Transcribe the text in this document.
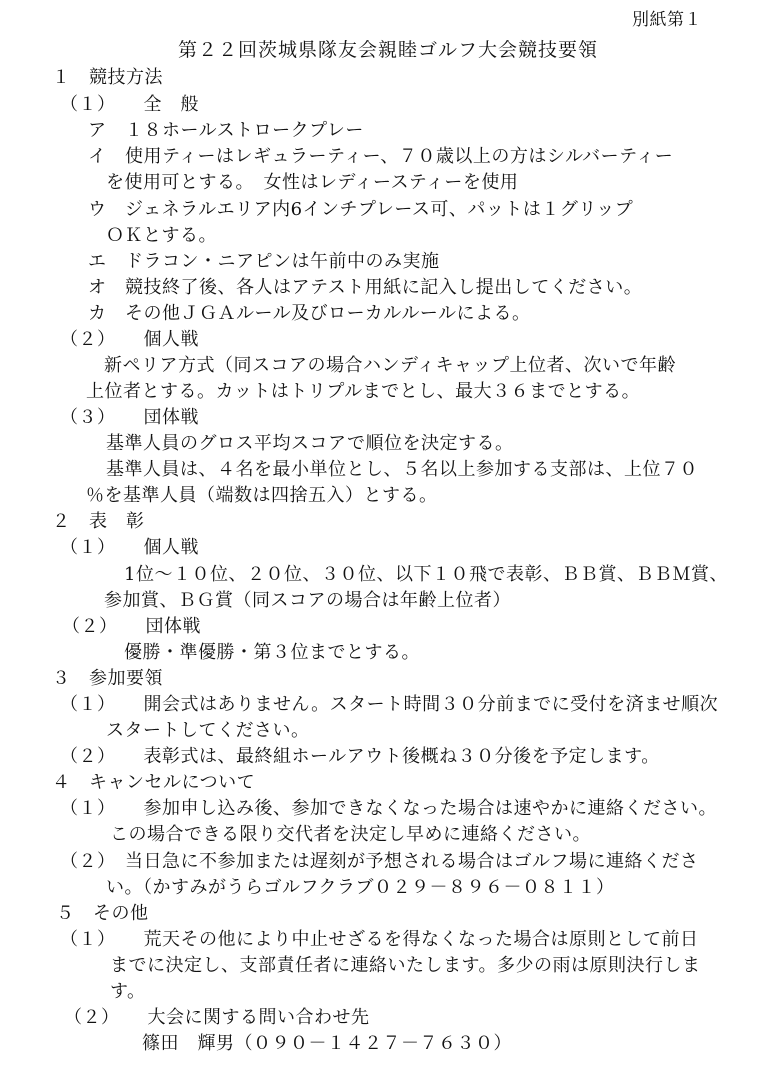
別紙第１
第２２回茨城県隊友会親睦ゴルフ大会競技要領
１　競技方法
（１）　　全　般
ア　１８ホールストロークプレー
イ　使用ティーはレギュラーティー、７０歳以上の方はシルバーティー
を使用可とする。　女性はレディースティーを使用
ウ　ジェネラルエリア内6インチプレース可、パットは１グリップ
ＯＫとする。
エ　ドラコン・ニアピンは午前中のみ実施
オ　競技終了後、各人はアテスト用紙に記入し提出してください。
カ　その他ＪＧＡルール及びローカルルールによる。
（２）　　個人戦
新ペリア方式（同スコアの場合ハンディキャップ上位者、次いで年齢
上位者とする。カットはトリプルまでとし、最大３６までとする。
（３）　　団体戦
基準人員のグロス平均スコアで順位を決定する。
基準人員は、４名を最小単位とし、５名以上参加する支部は、上位７０
％を基準人員（端数は四捨五入）とする。
２　表　彰
（１）　　個人戦
1位～１０位、２０位、３０位、以下１０飛で表彰、ＢＢ賞、ＢＢＭ賞、
参加賞、ＢＧ賞（同スコアの場合は年齢上位者）
（２）　　団体戦
優勝・準優勝・第３位までとする。
３　参加要領
（１）　　開会式はありません。スタート時間３０分前までに受付を済ませ順次
スタートしてください。
（２）　　表彰式は、最終組ホールアウト後概ね３０分後を予定します。
４　キャンセルについて
（１）　　参加申し込み後、参加できなくなった場合は速やかに連絡ください。
この場合できる限り交代者を決定し早めに連絡ください。
（２）　当日急に不参加または遅刻が予想される場合はゴルフ場に連絡くださ
い。（かすみがうらゴルフクラブ０２９－８９６－０８１１）
５　その他
（１）　　荒天その他により中止せざるを得なくなった場合は原則として前日
までに決定し、支部責任者に連絡いたします。多少の雨は原則決行しま
す。
（２）　　大会に関する問い合わせ先
篠田　輝男（０９０－１４２７－７６３０）
